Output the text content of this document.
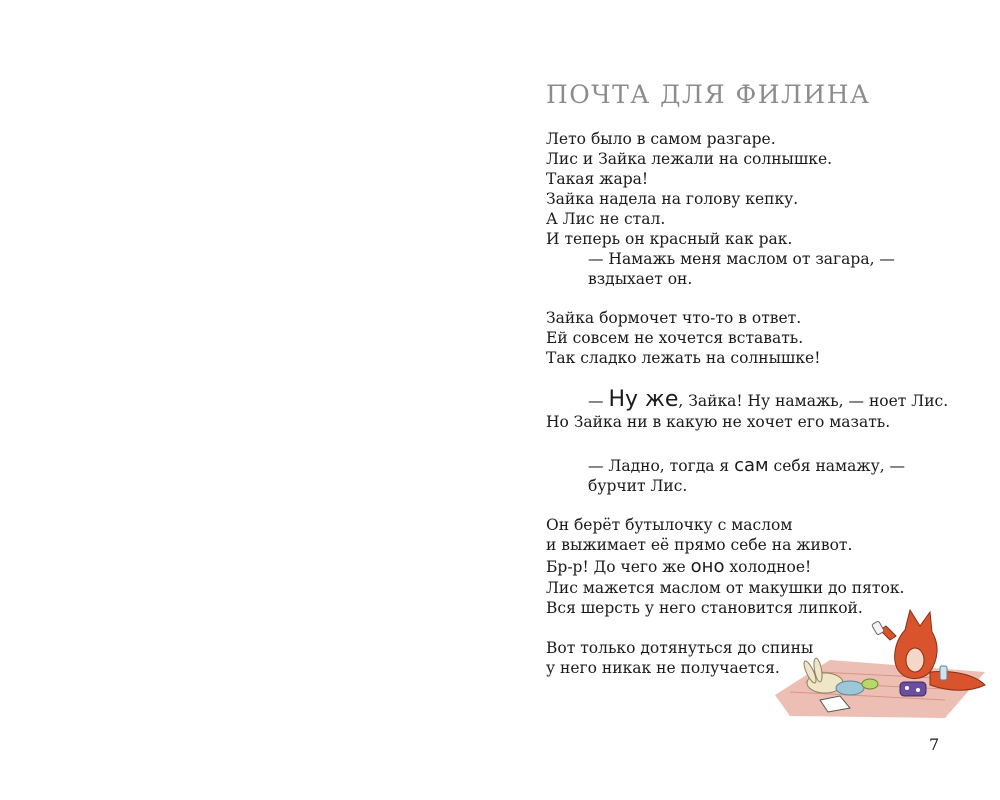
ПОЧТА ДЛЯ ФИЛИНА

Лето было в самом разгаре.

Лис и Зайка лежали на солнышке.

Такая жара!

Зайка надела на голову кепку.

А Лис не стал.

И теперь он красный как рак.

— Намажь меня маслом от загара, —

вздыхает он.

Зайка бормочет что-то в ответ.

Ей совсем не хочется вставать.

Так сладко лежать на солнышке!

— Ну же, Зайка! Ну намажь, — ноет Лис.

Но Зайка ни в какую не хочет его мазать.

— Ладно, тогда я сам себя намажу, —

бурчит Лис.

Он берёт бутылочку с маслом

и выжимает её прямо себе на живот.

Бр-р! До чего же оно холодное!

Лис мажется маслом от макушки до пяток.

Вся шерсть у него становится липкой.

Вот только дотянуться до спины

у него никак не получается.

7
